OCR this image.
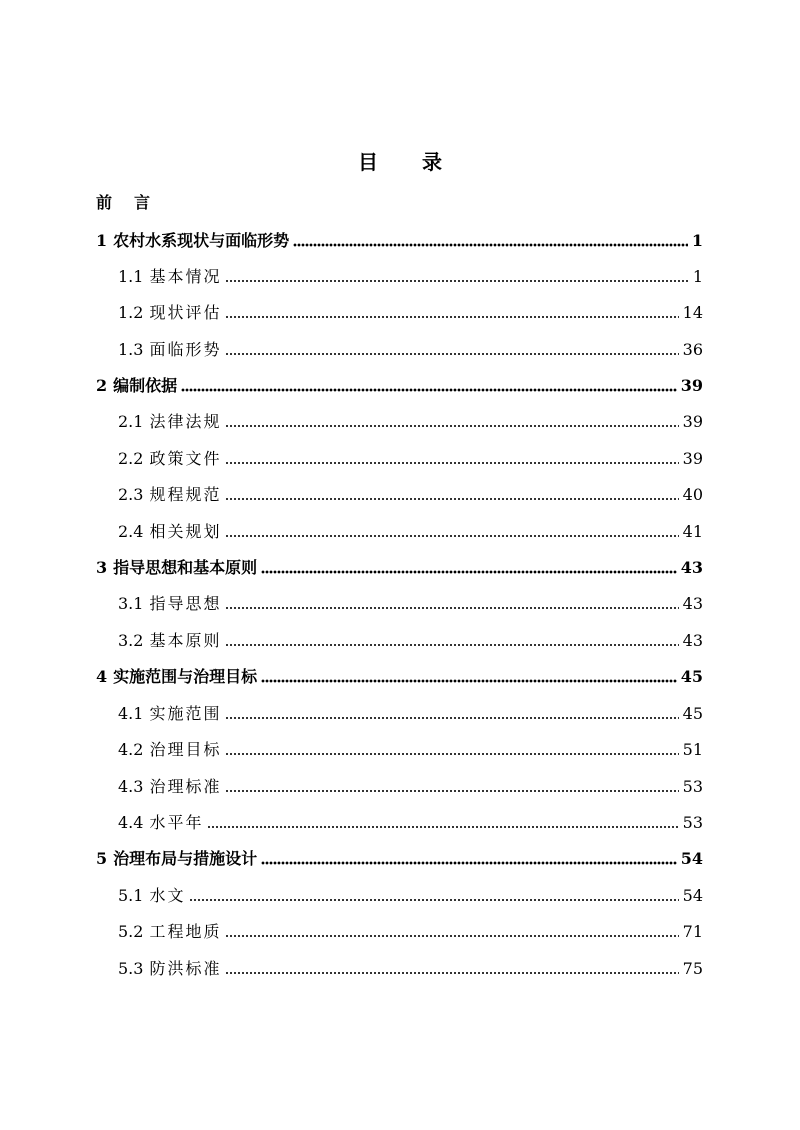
目 录
前言
1 农村水系现状与面临形势	1
1.1 基本情况	1
1.2 现状评估	14
1.3 面临形势	36
2 编制依据	39
2.1 法律法规	39
2.2 政策文件	39
2.3 规程规范	40
2.4 相关规划	41
3 指导思想和基本原则	43
3.1 指导思想	43
3.2 基本原则	43
4 实施范围与治理目标	45
4.1 实施范围	45
4.2 治理目标	51
4.3 治理标准	53
4.4 水平年	53
5 治理布局与措施设计	54
5.1 水文	54
5.2 工程地质	71
5.3 防洪标准	75
